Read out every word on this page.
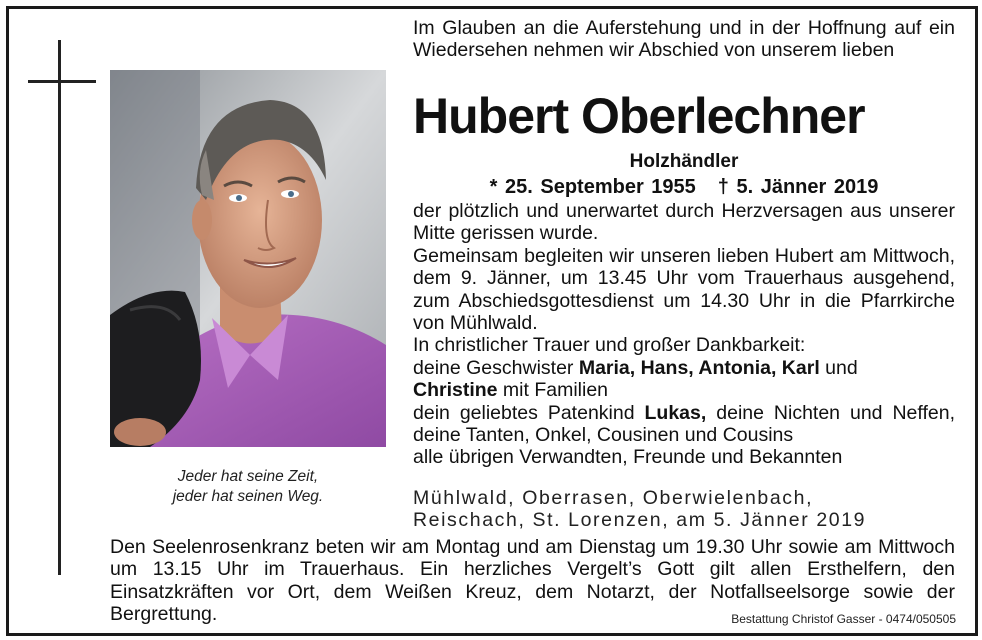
Jeder hat seine Zeit,
jeder hat seinen Weg.
Im Glauben an die Auferstehung und in der Hoffnung auf ein Wiedersehen nehmen wir Abschied von unserem lieben
Hubert Oberlechner
Holzhändler
* 25. September 1955 † 5. Jänner 2019
der plötzlich und unerwartet durch Herzversagen aus unserer Mitte gerissen wurde.
Gemeinsam begleiten wir unseren lieben Hubert am Mittwoch, dem 9. Jänner, um 13.45 Uhr vom Trauerhaus ausgehend, zum Abschiedsgottesdienst um 14.30 Uhr in die Pfarrkirche von Mühlwald.
In christlicher Trauer und großer Dankbarkeit:
deine Geschwister Maria, Hans, Antonia, Karl und
Christine mit Familien
dein geliebtes Patenkind Lukas, deine Nichten und Neffen, deine Tanten, Onkel, Cousinen und Cousins
alle übrigen Verwandten, Freunde und Bekannten
Mühlwald, Oberrasen, Oberwielenbach,
Reischach, St. Lorenzen, am 5. Jänner 2019
Den Seelenrosenkranz beten wir am Montag und am Dienstag um 19.30 Uhr sowie am Mittwoch um 13.15 Uhr im Trauerhaus. Ein herzliches Vergelt’s Gott gilt allen Ersthelfern, den Einsatzkräften vor Ort, dem Weißen Kreuz, dem Notarzt, der Notfallseelsorge sowie der Bergrettung.	Bestattung Christof Gasser - 0474/050505
